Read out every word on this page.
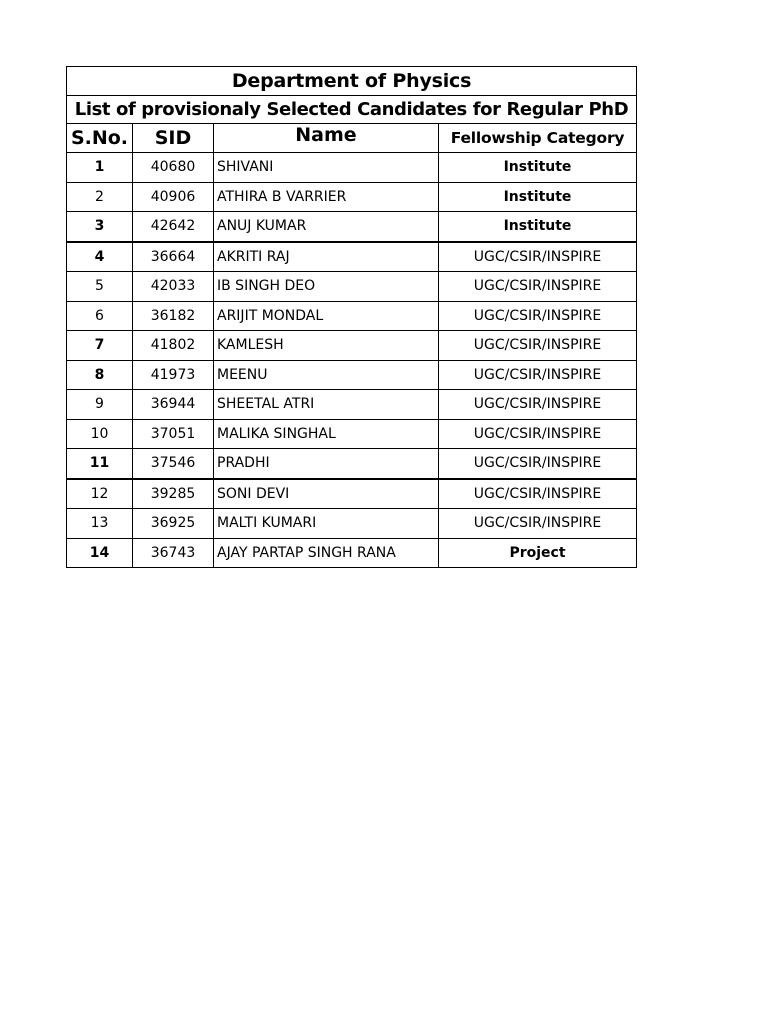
Department of Physics			
List of provisionaly Selected Candidates for Regular PhD			
S.No.	SID	Name	Fellowship Category
1	40680	SHIVANI	Institute
2	40906	ATHIRA B VARRIER	Institute
3	42642	ANUJ KUMAR	Institute
4	36664	AKRITI RAJ	UGC/CSIR/INSPIRE
5	42033	IB SINGH DEO	UGC/CSIR/INSPIRE
6	36182	ARIJIT MONDAL	UGC/CSIR/INSPIRE
7	41802	KAMLESH	UGC/CSIR/INSPIRE
8	41973	MEENU	UGC/CSIR/INSPIRE
9	36944	SHEETAL ATRI	UGC/CSIR/INSPIRE
10	37051	MALIKA SINGHAL	UGC/CSIR/INSPIRE
11	37546	PRADHI	UGC/CSIR/INSPIRE
12	39285	SONI DEVI	UGC/CSIR/INSPIRE
13	36925	MALTI KUMARI	UGC/CSIR/INSPIRE
14	36743	AJAY PARTAP SINGH RANA	Project
